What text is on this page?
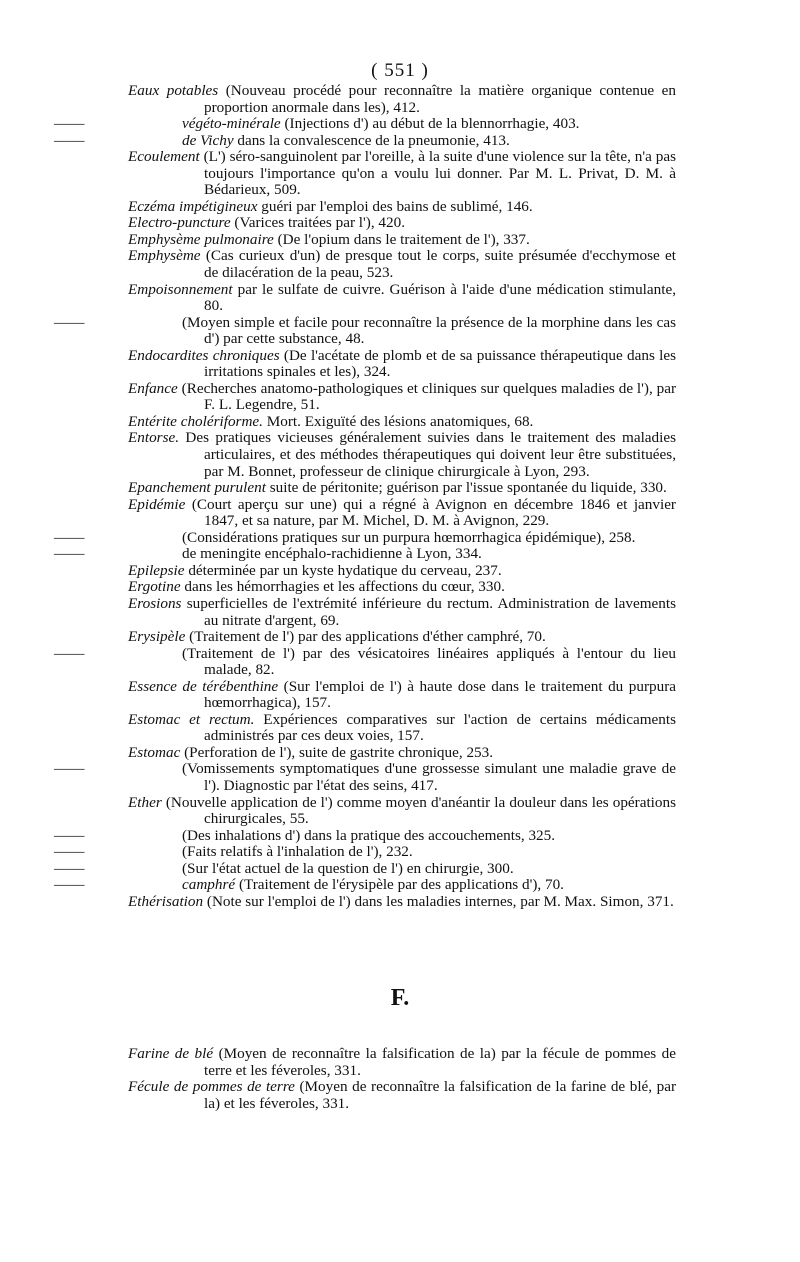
( 551 )
Eaux potables (Nouveau procédé pour reconnaître la matière organique contenue en proportion anormale dans les), 412.
——	végéto-minérale (Injections d') au début de la blennorrhagie, 403.
——	de Vichy dans la convalescence de la pneumonie, 413.
Ecoulement (L') séro-sanguinolent par l'oreille, à la suite d'une violence sur la tête, n'a pas toujours l'importance qu'on a voulu lui donner. Par M. L. Privat, D. M. à Bédarieux, 509.
Eczéma impétigineux guéri par l'emploi des bains de sublimé, 146.
Electro-puncture (Varices traitées par l'), 420.
Emphysème pulmonaire (De l'opium dans le traitement de l'), 337.
Emphysème (Cas curieux d'un) de presque tout le corps, suite présumée d'ecchymose et de dilacération de la peau, 523.
Empoisonnement par le sulfate de cuivre. Guérison à l'aide d'une médication stimulante, 80.
——	(Moyen simple et facile pour reconnaître la présence de la morphine dans les cas d') par cette substance, 48.
Endocardites chroniques (De l'acétate de plomb et de sa puissance thérapeutique dans les irritations spinales et les), 324.
Enfance (Recherches anatomo-pathologiques et cliniques sur quelques maladies de l'), par F. L. Legendre, 51.
Entérite cholériforme. Mort. Exiguïté des lésions anatomiques, 68.
Entorse. Des pratiques vicieuses généralement suivies dans le traitement des maladies articulaires, et des méthodes thérapeutiques qui doivent leur être substituées, par M. Bonnet, professeur de clinique chirurgicale à Lyon, 293.
Epanchement purulent suite de péritonite; guérison par l'issue spontanée du liquide, 330.
Epidémie (Court aperçu sur une) qui a régné à Avignon en décembre 1846 et janvier 1847, et sa nature, par M. Michel, D. M. à Avignon, 229.
——	(Considérations pratiques sur un purpura hœmorrhagica épidémique), 258.
——	de meningite encéphalo-rachidienne à Lyon, 334.
Epilepsie déterminée par un kyste hydatique du cerveau, 237.
Ergotine dans les hémorrhagies et les affections du cœur, 330.
Erosions superficielles de l'extrémité inférieure du rectum. Administration de lavements au nitrate d'argent, 69.
Erysipèle (Traitement de l') par des applications d'éther camphré, 70.
——	(Traitement de l') par des vésicatoires linéaires appliqués à l'entour du lieu malade, 82.
Essence de térébenthine (Sur l'emploi de l') à haute dose dans le traitement du purpura hœmorrhagica), 157.
Estomac et rectum. Expériences comparatives sur l'action de certains médicaments administrés par ces deux voies, 157.
Estomac (Perforation de l'), suite de gastrite chronique, 253.
——	(Vomissements symptomatiques d'une grossesse simulant une maladie grave de l'). Diagnostic par l'état des seins, 417.
Ether (Nouvelle application de l') comme moyen d'anéantir la douleur dans les opérations chirurgicales, 55.
——	(Des inhalations d') dans la pratique des accouchements, 325.
——	(Faits relatifs à l'inhalation de l'), 232.
——	(Sur l'état actuel de la question de l') en chirurgie, 300.
——	camphré (Traitement de l'érysipèle par des applications d'), 70.
Ethérisation (Note sur l'emploi de l') dans les maladies internes, par M. Max. Simon, 371.
F.
Farine de blé (Moyen de reconnaître la falsification de la) par la fécule de pommes de terre et les féveroles, 331.
Fécule de pommes de terre (Moyen de reconnaître la falsification de la farine de blé, par la) et les féveroles, 331.
